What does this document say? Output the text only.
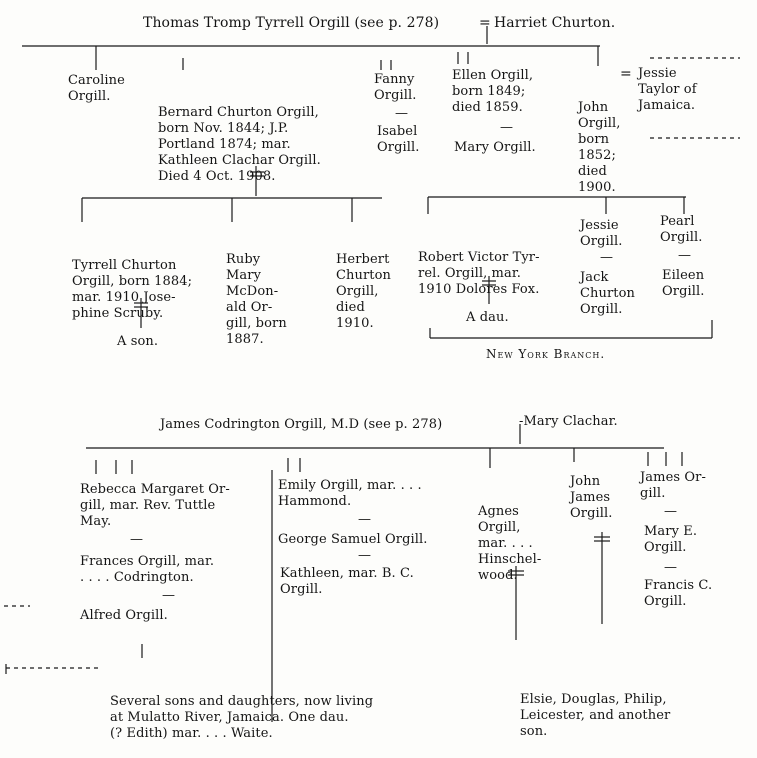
Thomas Tromp Tyrrell Orgill (see p. 278)	= Harriet Churton.
Caroline
Orgill.

Bernard Churton Orgill,
born Nov. 1844; J.P.
Portland 1874; mar.
Kathleen Clachar Orgill.
Died 4 Oct. 1908.

Fanny
Orgill.
—
Isabel
Orgill.
Ellen Orgill,
born 1849;
died 1859.
—
Mary Orgill.

John
Orgill,
born
1852;
died
1900.

= Jessie
Taylor of
Jamaica.

Tyrrell Churton
Orgill, born 1884;
mar. 1910 Jose-
phine Scruby.

A son.

Ruby
Mary
McDon-
ald Or-
gill, born
1887.

Herbert
Churton
Orgill,
died
1910.

Robert Victor Tyr-
rel. Orgill, mar.
1910 Dolores Fox.

A dau.
Jessie
Orgill.
—
Jack
Churton
Orgill.
Pearl
Orgill.
—
Eileen
Orgill.
New York Branch.
James Codrington Orgill, M.D (see p. 278)	-Mary Clachar.
Rebecca Margaret Or-
gill, mar. Rev. Tuttle
May.
—
Frances Orgill, mar.
. . . . Codrington.
—
Alfred Orgill.
Emily Orgill, mar. . . .
Hammond.
—
George Samuel Orgill.
—
Kathleen, mar. B. C.
Orgill.

Agnes
Orgill,
mar. . . .
Hinschel-
wood.

John
James
Orgill.
James Or-
gill.
—
Mary E.
Orgill.
—
Francis C.
Orgill.

Several sons and daughters, now living
at Mulatto River, Jamaica. One dau.
(? Edith) mar. . . . Waite.

Elsie, Douglas, Philip,
Leicester, and another
son.
